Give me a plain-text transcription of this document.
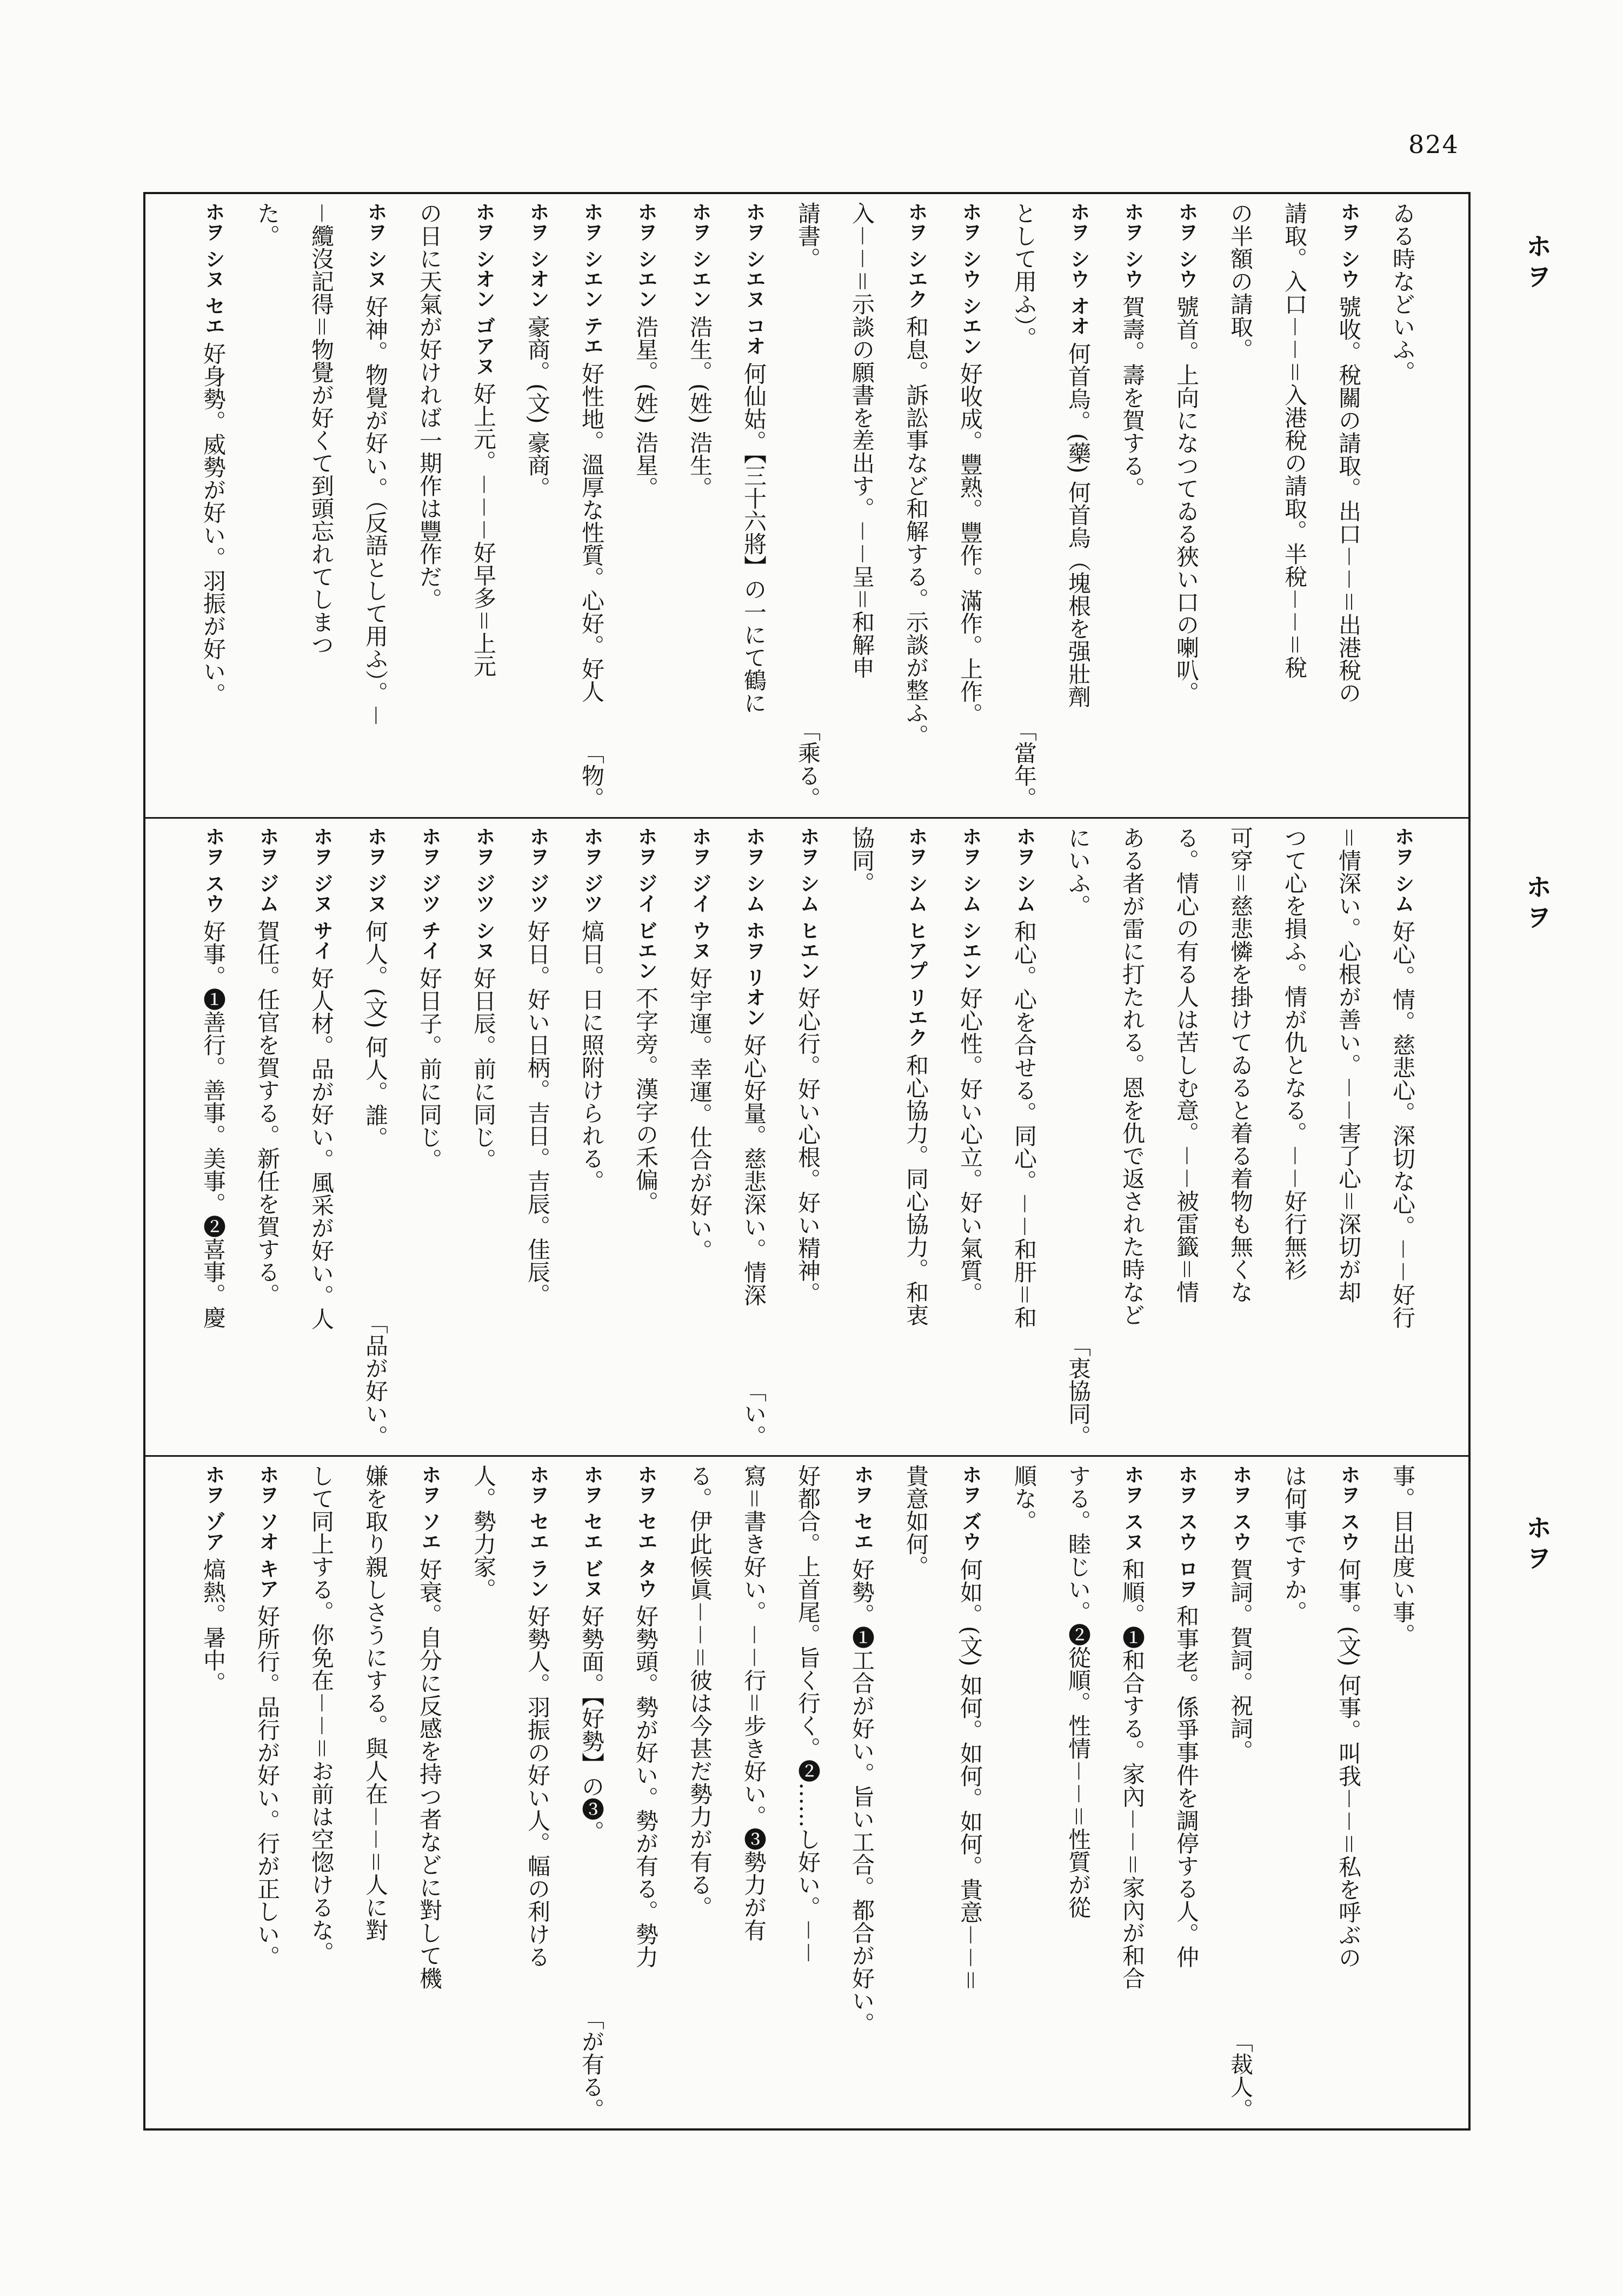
824
ホヲ
ホヲ
ホヲ
ゐる時などいふ。
ホヲ シウ號收。稅關の請取。出口－－＝出港稅の
請取。入口－－＝入港稅の請取。半稅－－＝稅
の半額の請取。
ホヲ シウ號首。上向になつてゐる狹い口の喇叭。
ホヲ シウ賀壽。壽を賀する。
ホヲ シウ オオ何首烏。(藥) 何首烏（塊根を强壯劑
として用ふ）。
「當年。
ホヲ シウ シエン好收成。豐熟。豐作。滿作。上作。
ホヲ シエク和息。訴訟事など和解する。示談が整ふ。
入－－＝示談の願書を差出す。－－呈＝和解申
請書。
「乘る。
ホヲ シエヌ コオ何仙姑。【三十六將】の一にて鶴に
ホヲ シエン浩生。(姓) 浩生。
ホヲ シエン浩星。(姓) 浩星。
ホヲ シエン テエ好性地。溫厚な性質。心好。好人
「物。
ホヲ シオン豪商。(文) 豪商。
ホヲ シオン ゴアヌ好上元。－－－好早多＝上元
の日に天氣が好ければ一期作は豐作だ。
ホヲ シヌ好神。物覺が好い。（反語として用ふ）。－
－纜沒記得＝物覺が好くて到頭忘れてしまつ
た。
ホヲ シヌ セエ好身勢。威勢が好い。羽振が好い。
ホヲ シム好心。情。慈悲心。深切な心。－－好行
＝情深い。心根が善い。－－害了心＝深切が却
つて心を損ふ。情が仇となる。－－好行無衫
可穿＝慈悲憐を掛けてゐると着る着物も無くな
る。情心の有る人は苦しむ意。－－被雷籤＝情
ある者が雷に打たれる。恩を仇で返された時など
にいふ。
「衷協同。
ホヲ シム和心。心を合せる。同心。－－和肝＝和
ホヲ シム シエン好心性。好い心立。好い氣質。
ホヲ シム ヒアプ リエク和心協力。同心協力。和衷
協同。
ホヲ シム ヒエン好心行。好い心根。好い精神。
ホヲ シム ホヲ リオン好心好量。慈悲深い。情深
「い。
ホヲ ジイ ウヌ好宇運。幸運。仕合が好い。
ホヲ ジイ ビエン不字旁。漢字の禾偏。
ホヲ ジツ熇日。日に照附けられる。
ホヲ ジツ好日。好い日柄。吉日。吉辰。佳辰。
ホヲ ジツ シヌ好日辰。前に同じ。
ホヲ ジツ チイ好日子。前に同じ。
ホヲ ジヌ何人。(文) 何人。誰。
「品が好い。
ホヲ ジヌ サイ好人材。品が好い。風采が好い。人
ホヲ ジム賀任。任官を賀する。新任を賀する。
ホヲ スウ好事。❶善行。善事。美事。❷喜事。慶
事。目出度い事。
ホヲ スウ何事。(文) 何事。叫我－－＝私を呼ぶの
は何事ですか。
ホヲ スウ賀詞。賀詞。祝詞。
「裁人。
ホヲ スウ ロヲ和事老。係爭事件を調停する人。仲
ホヲ スヌ和順。❶和合する。家內－－＝家內が和合
する。睦じい。❷從順。性情－－＝性質が從
順な。
ホヲ ズウ何如。(文) 如何。如何。如何。貴意－－＝
貴意如何。
ホヲ セエ好勢。❶工合が好い。旨い工合。都合が好い。
好都合。上首尾。旨く行く。❷……し好い。－－
寫＝書き好い。－－行＝步き好い。❸勢力が有
る。伊此候眞－－＝彼は今甚だ勢力が有る。
ホヲ セエ タウ好勢頭。勢が好い。勢が有る。勢力
ホヲ セエ ビヌ好勢面。【好勢】の❸。
「が有る。
ホヲ セエ ラン好勢人。羽振の好い人。幅の利ける
人。勢力家。
ホヲ ソエ好衰。自分に反感を持つ者などに對して機
嫌を取り親しさうにする。與人在－－＝人に對
して同上する。你免在－－＝お前は空惚けるな。
ホヲ ソオ キア好所行。品行が好い。行が正しい。
ホヲ ゾア熇熱。暑中。
